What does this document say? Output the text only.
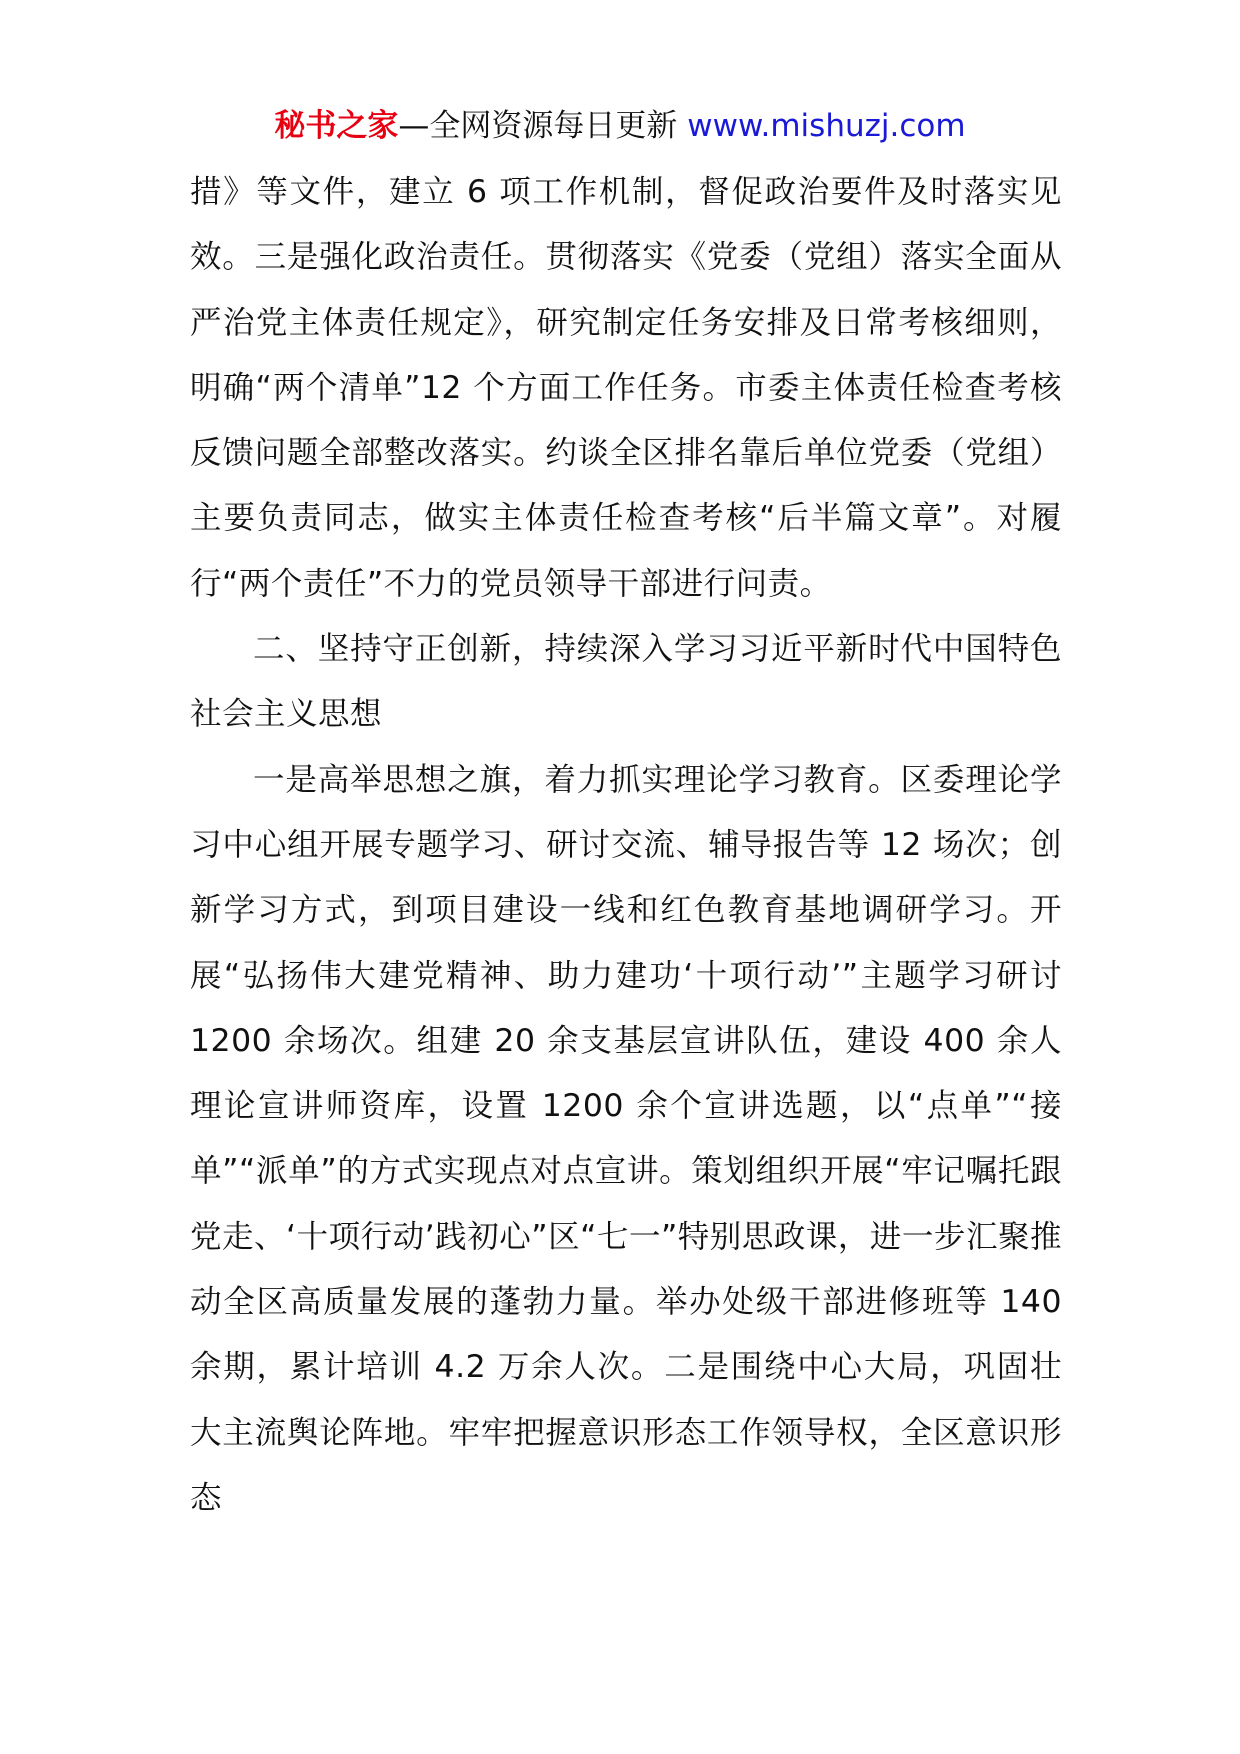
秘书之家—全网资源每日更新 www.mishuzj.com

措》等文件，建立 6 项工作机制，督促政治要件及时落实见效。三是强化政治责任。贯彻落实《党委（党组）落实全面从严治党主体责任规定》，研究制定任务安排及日常考核细则，明确“两个清单”12 个方面工作任务。市委主体责任检查考核反馈问题全部整改落实。约谈全区排名靠后单位党委（党组）主要负责同志，做实主体责任检查考核“后半篇文章”。对履行“两个责任”不力的党员领导干部进行问责。

二、坚持守正创新，持续深入学习习近平新时代中国特色社会主义思想

一是高举思想之旗，着力抓实理论学习教育。区委理论学习中心组开展专题学习、研讨交流、辅导报告等 12 场次；创新学习方式，到项目建设一线和红色教育基地调研学习。开展“弘扬伟大建党精神、助力建功‘十项行动’”主题学习研讨 1200 余场次。组建 20 余支基层宣讲队伍，建设 400 余人理论宣讲师资库，设置 1200 余个宣讲选题，以“点单”“接单”“派单”的方式实现点对点宣讲。策划组织开展“牢记嘱托跟党走、‘十项行动’践初心”区“七一”特别思政课，进一步汇聚推动全区高质量发展的蓬勃力量。举办处级干部进修班等 140 余期，累计培训 4.2 万余人次。二是围绕中心大局，巩固壮大主流舆论阵地。牢牢把握意识形态工作领导权，全区意识形态
